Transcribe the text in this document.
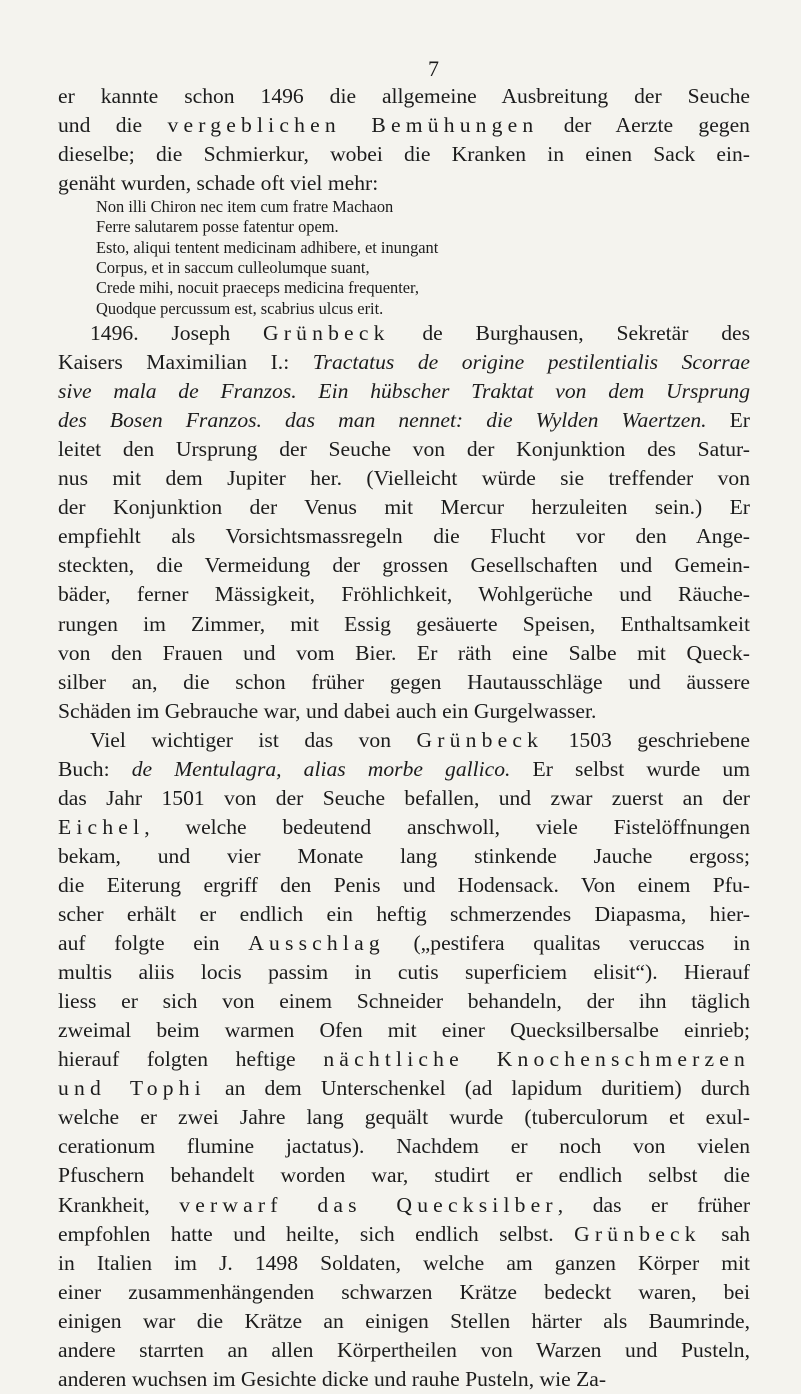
7
er kannte schon 1496 die allgemeine Ausbreitung der Seuche
und die vergeblichen Bemühungen der Aerzte gegen
dieselbe; die Schmierkur, wobei die Kranken in einen Sack ein-
genäht wurden, schade oft viel mehr:
Non illi Chiron nec item cum fratre Machaon
Ferre salutarem posse fatentur opem.
Esto, aliqui tentent medicinam adhibere, et inungant
Corpus, et in saccum culleolumque suant,
Crede mihi, nocuit praeceps medicina frequenter,
Quodque percussum est, scabrius ulcus erit.
1496. Joseph Grünbeck de Burghausen, Sekretär des
Kaisers Maximilian I.: Tractatus de origine pestilentialis Scorrae
sive mala de Franzos. Ein hübscher Traktat von dem Ursprung
des Bosen Franzos. das man nennet: die Wylden Waertzen. Er
leitet den Ursprung der Seuche von der Konjunktion des Satur-
nus mit dem Jupiter her. (Vielleicht würde sie treffender von
der Konjunktion der Venus mit Mercur herzuleiten sein.) Er
empfiehlt als Vorsichtsmassregeln die Flucht vor den Ange-
steckten, die Vermeidung der grossen Gesellschaften und Gemein-
bäder, ferner Mässigkeit, Fröhlichkeit, Wohlgerüche und Räuche-
rungen im Zimmer, mit Essig gesäuerte Speisen, Enthaltsamkeit
von den Frauen und vom Bier. Er räth eine Salbe mit Queck-
silber an, die schon früher gegen Hautausschläge und äussere
Schäden im Gebrauche war, und dabei auch ein Gurgelwasser.
Viel wichtiger ist das von Grünbeck 1503 geschriebene
Buch: de Mentulagra, alias morbe gallico. Er selbst wurde um
das Jahr 1501 von der Seuche befallen, und zwar zuerst an der
Eichel, welche bedeutend anschwoll, viele Fistelöffnungen
bekam, und vier Monate lang stinkende Jauche ergoss;
die Eiterung ergriff den Penis und Hodensack. Von einem Pfu-
scher erhält er endlich ein heftig schmerzendes Diapasma, hier-
auf folgte ein Ausschlag („pestifera qualitas veruccas in
multis aliis locis passim in cutis superficiem elisit“). Hierauf
liess er sich von einem Schneider behandeln, der ihn täglich
zweimal beim warmen Ofen mit einer Quecksilbersalbe einrieb;
hierauf folgten heftige nächtliche Knochenschmerzen
und Tophi an dem Unterschenkel (ad lapidum duritiem) durch
welche er zwei Jahre lang gequält wurde (tuberculorum et exul-
cerationum flumine jactatus). Nachdem er noch von vielen
Pfuschern behandelt worden war, studirt er endlich selbst die
Krankheit, verwarf das Quecksilber, das er früher
empfohlen hatte und heilte, sich endlich selbst. Grünbeck sah
in Italien im J. 1498 Soldaten, welche am ganzen Körper mit
einer zusammenhängenden schwarzen Krätze bedeckt waren, bei
einigen war die Krätze an einigen Stellen härter als Baumrinde,
andere starrten an allen Körpertheilen von Warzen und Pusteln,
anderen wuchsen im Gesichte dicke und rauhe Pusteln, wie Za-
